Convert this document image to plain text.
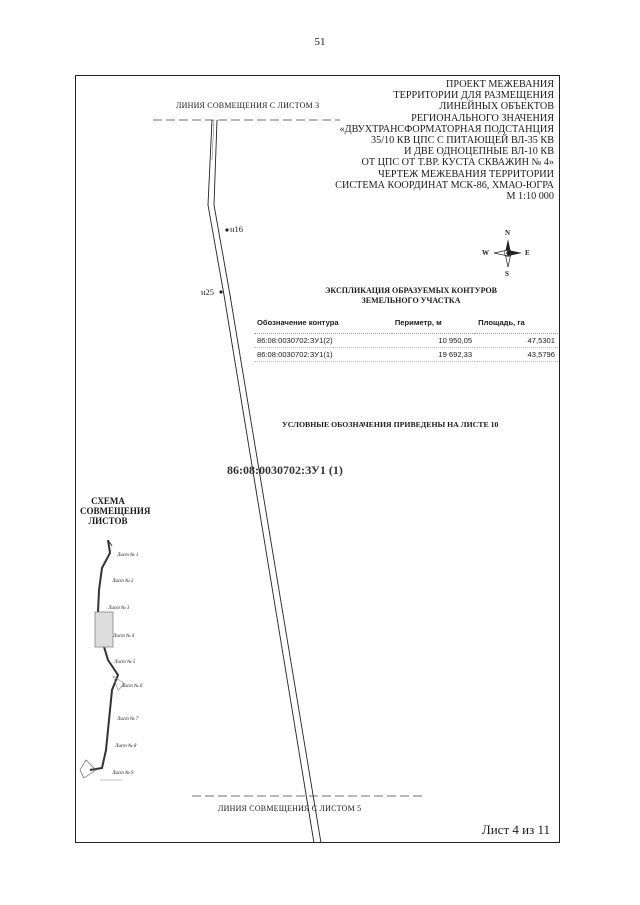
51
ПРОЕКТ МЕЖЕВАНИЯ
ТЕРРИТОРИИ ДЛЯ РАЗМЕЩЕНИЯ
ЛИНЕЙНЫХ ОБЪЕКТОВ
РЕГИОНАЛЬНОГО ЗНАЧЕНИЯ
«ДВУХТРАНСФОРМАТОРНАЯ ПОДСТАНЦИЯ
35/10 КВ ЦПС С ПИТАЮЩЕЙ ВЛ-35 КВ
И ДВЕ ОДНОЦЕПНЫЕ ВЛ-10 КВ
ОТ ЦПС ОТ Т.ВР. КУСТА СКВАЖИН № 4»
ЧЕРТЕЖ МЕЖЕВАНИЯ ТЕРРИТОРИИ
СИСТЕМА КООРДИНАТ МСК-86, ХМАО-ЮГРА
М 1:10 000
ЛИНИЯ СОВМЕЩЕНИЯ С ЛИСТОМ 3
ЛИНИЯ СОВМЕЩЕНИЯ С ЛИСТОМ 5
н16
н25
N
S
W	E
ЭКСПЛИКАЦИЯ ОБРАЗУЕМЫХ КОНТУРОВ
ЗЕМЕЛЬНОГО УЧАСТКА
Обозначение контура	Периметр, м	Площадь, га
86:08:0030702:ЗУ1(2)	10 950,05	47,5301
86:08:0030702:ЗУ1(1)	19 692,33	43,5796
УСЛОВНЫЕ ОБОЗНАЧЕНИЯ ПРИВЕДЕНЫ НА ЛИСТЕ 10
86:08:0030702:ЗУ1 (1)
СХЕМА
СОВМЕЩЕНИЯ
ЛИСТОВ
Лист № 1
Лист № 2
Лист № 3
Лист № 4
Лист № 5
Лист № 6
Лист № 7
Лист № 8
Лист № 9
Лист 4 из 11
